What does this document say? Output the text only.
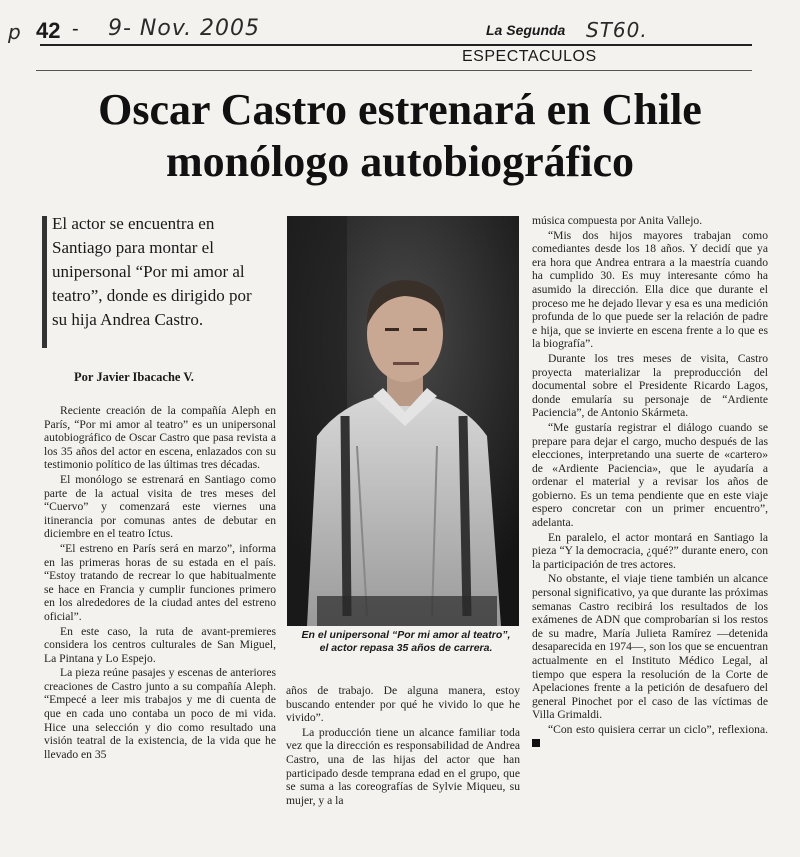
p	9- Nov. 2005	ST60.
42 -	La Segunda
ESPECTACULOS
Oscar Castro estrenará en Chile
monólogo autobiográfico
El actor se encuentra en Santiago para montar el unipersonal “Por mi amor al teatro”, donde es dirigido por su hija Andrea Castro.
Por Javier Ibacache V.
En el unipersonal “Por mi amor al teatro”, el actor repasa 35 años de carrera.

Reciente creación de la compañía Aleph en París, “Por mi amor al teatro” es un unipersonal autobiográfico de Oscar Castro que pasa revista a los 35 años del actor en escena, enlazados con su testimonio político de las últimas tres décadas.

El monólogo se estrenará en Santiago como parte de la actual visita de tres meses del “Cuervo” y comenzará este viernes una itinerancia por comunas antes de debutar en diciembre en el teatro Ictus.

“El estreno en París será en marzo”, informa en las primeras horas de su estada en el país. “Estoy tratando de recrear lo que habitualmente se hace en Francia y cumplir funciones primero en los alrededores de la ciudad antes del estreno oficial”.

En este caso, la ruta de avant-premieres considera los centros culturales de San Miguel, La Pintana y Lo Espejo.

La pieza reúne pasajes y escenas de anteriores creaciones de Castro junto a su compañía Aleph. “Empecé a leer mis trabajos y me di cuenta de que en cada uno contaba un poco de mi vida. Hice una selección y dio como resultado una visión teatral de la existencia, de la vida que he llevado en 35

años de trabajo. De alguna manera, estoy buscando entender por qué he vivido lo que he vivido”.

La producción tiene un alcance familiar toda vez que la dirección es responsabilidad de Andrea Castro, una de las hijas del actor que han participado desde temprana edad en el grupo, que se suma a las coreografías de Sylvie Miqueu, su mujer, y a la

música compuesta por Anita Vallejo.

“Mis dos hijos mayores trabajan como comediantes desde los 18 años. Y decidí que ya era hora que Andrea entrara a la maestría cuando ha cumplido 30. Es muy interesante cómo ha asumido la dirección. Ella dice que durante el proceso me he dejado llevar y esa es una medición profunda de lo que puede ser la relación de padre e hija, que se invierte en escena frente a lo que es la biografía”.

Durante los tres meses de visita, Castro proyecta materializar la preproducción del documental sobre el Presidente Ricardo Lagos, donde emularía su personaje de “Ardiente Paciencia”, de Antonio Skármeta.

“Me gustaría registrar el diálogo cuando se prepare para dejar el cargo, mucho después de las elecciones, interpretando una suerte de «cartero» de «Ardiente Paciencia», que le ayudaría a ordenar el material y a revisar los años de gobierno. Es un tema pendiente que en este viaje espero concretar con un primer encuentro”, adelanta.

En paralelo, el actor montará en Santiago la pieza “Y la democracia, ¿qué?” durante enero, con la participación de tres actores.

No obstante, el viaje tiene también un alcance personal significativo, ya que durante las próximas semanas Castro recibirá los resultados de los exámenes de ADN que comprobarían si los restos de su madre, María Julieta Ramírez —detenida desaparecida en 1974—, son los que se encuentran actualmente en el Instituto Médico Legal, al tiempo que espera la resolución de la Corte de Apelaciones frente a la petición de desafuero del general Pinochet por el caso de las víctimas de Villa Grimaldi.

“Con esto quisiera cerrar un ciclo”, reflexiona.
